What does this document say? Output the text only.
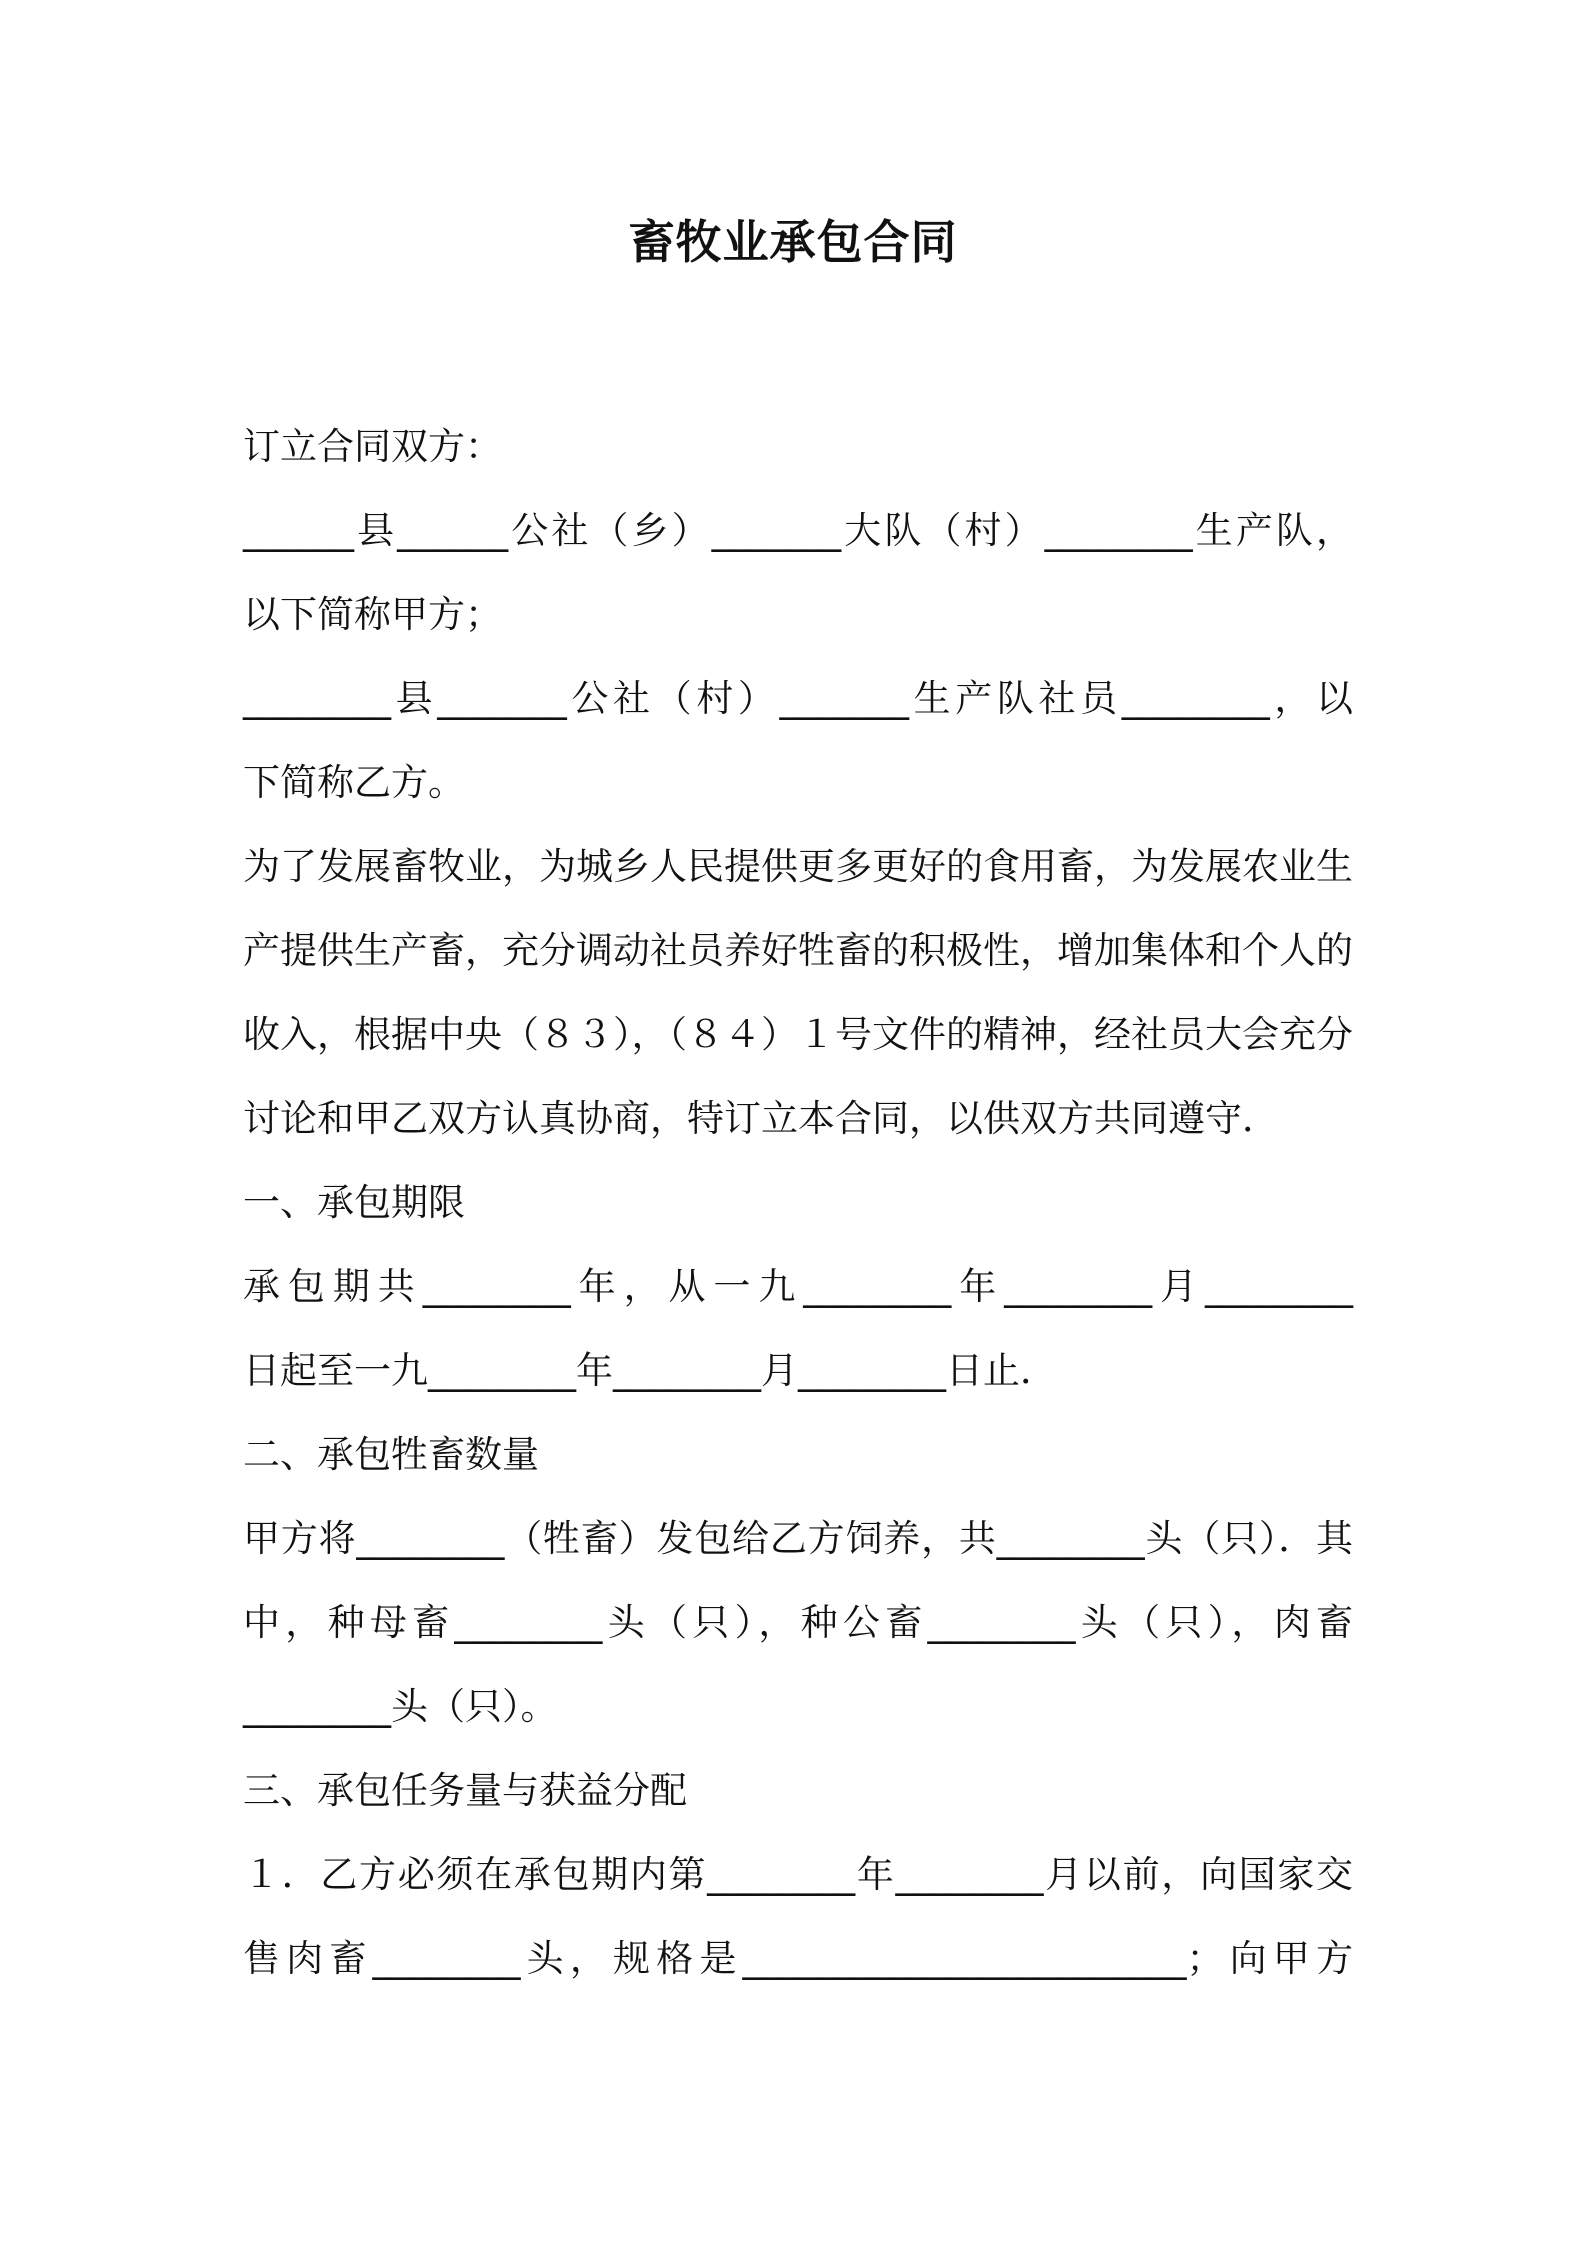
畜牧业承包合同
订立合同双方：
______县______公社（乡）_______大队（村）________生产队，
以下简称甲方；
________县_______公社（村）_______生产队社员________，以
下简称乙方。
为了发展畜牧业，为城乡人民提供更多更好的食用畜，为发展农业生
产提供生产畜，充分调动社员养好牲畜的积极性，增加集体和个人的
收入，根据中央（８３），（８４）１号文件的精神，经社员大会充分
讨论和甲乙双方认真协商，特订立本合同，以供双方共同遵守．
一、承包期限
承包期共________年，从一九________年________月________
日起至一九________年________月________日止．
二、承包牲畜数量
甲方将________（牲畜）发包给乙方饲养，共________头（只）．其
中，种母畜________头（只），种公畜________头（只），肉畜
________头（只）。
三、承包任务量与获益分配
１．乙方必须在承包期内第________年________月以前，向国家交
售肉畜________头，规格是________________________；向甲方
